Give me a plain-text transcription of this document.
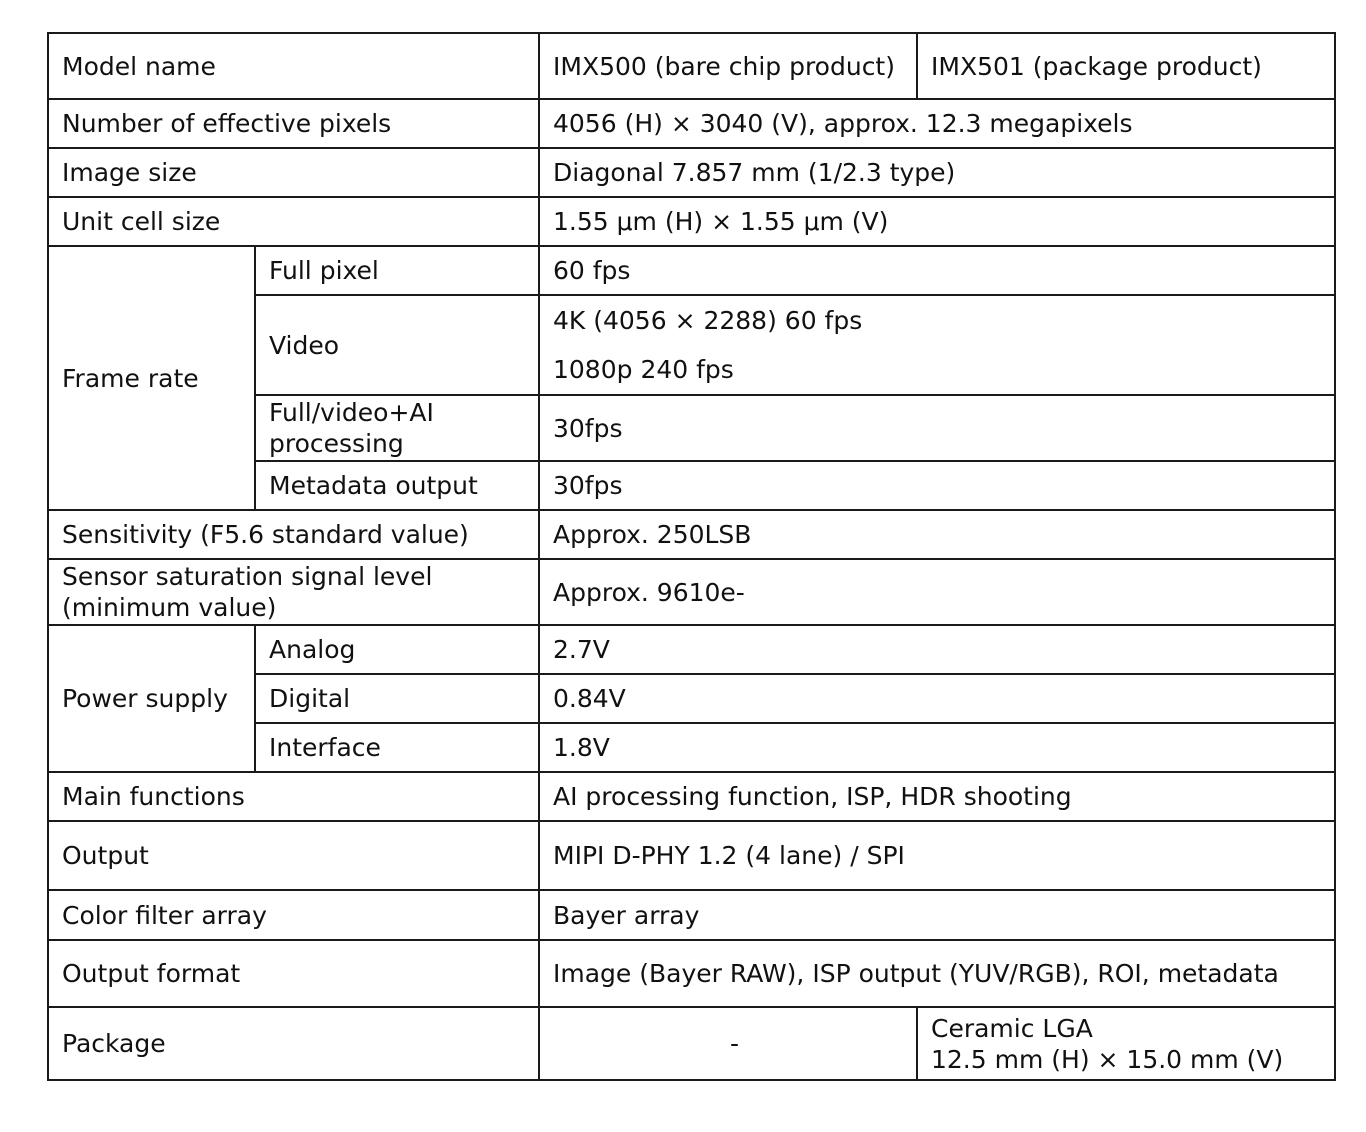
Model name		IMX500 (bare chip product)	IMX501 (package product)
Number of effective pixels		4056 (H) × 3040 (V), approx. 12.3 megapixels	
Image size		Diagonal 7.857 mm (1/2.3 type)	
Unit cell size		1.55 μm (H) × 1.55 μm (V)	
Frame rate	Full pixel	60 fps	
	Video	4K (4056 × 2288) 60 fps
1080p 240 fps	

	Full/video+AI processing	30fps	
	Metadata output	30fps	
Sensitivity (F5.6 standard value)		Approx. 250LSB	
Sensor saturation signal level (minimum value)		Approx. 9610e-	
Power supply	Analog	2.7V	
	Digital	0.84V	
	Interface	1.8V	
Main functions		AI processing function, ISP, HDR shooting	
Output		MIPI D-PHY 1.2 (4 lane) / SPI	
Color filter array		Bayer array	
Output format		Image (Bayer RAW), ISP output (YUV/RGB), ROI, metadata	
Package		-	Ceramic LGA
12.5 mm (H) × 15.0 mm (V)
